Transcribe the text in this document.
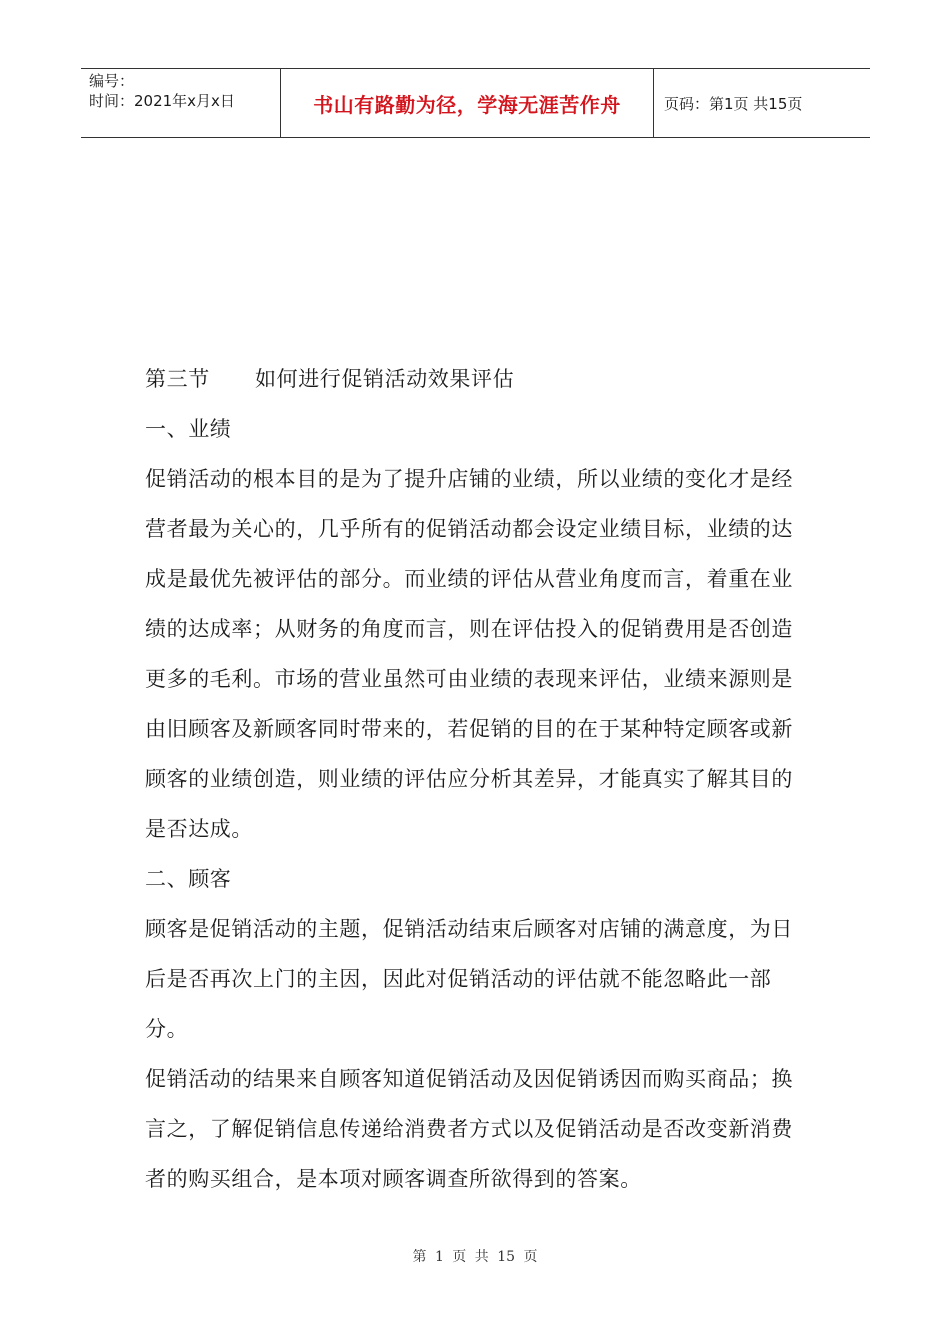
编号：
时间：2021年x月x日	书山有路勤为径，学海无涯苦作舟	页码：第1页 共15页

第三节 如何进行促销活动效果评估

一、业绩

促销活动的根本目的是为了提升店铺的业绩，所以业绩的变化才是经营者最为关心的，几乎所有的促销活动都会设定业绩目标，业绩的达成是最优先被评估的部分。而业绩的评估从营业角度而言，着重在业绩的达成率；从财务的角度而言，则在评估投入的促销费用是否创造更多的毛利。市场的营业虽然可由业绩的表现来评估，业绩来源则是由旧顾客及新顾客同时带来的，若促销的目的在于某种特定顾客或新顾客的业绩创造，则业绩的评估应分析其差异，才能真实了解其目的是否达成。

二、顾客

顾客是促销活动的主题，促销活动结束后顾客对店铺的满意度，为日后是否再次上门的主因，因此对促销活动的评估就不能忽略此一部分。

促销活动的结果来自顾客知道促销活动及因促销诱因而购买商品；换言之，了解促销信息传递给消费者方式以及促销活动是否改变新消费者的购买组合，是本项对顾客调查所欲得到的答案。

第 1 页 共 15 页
